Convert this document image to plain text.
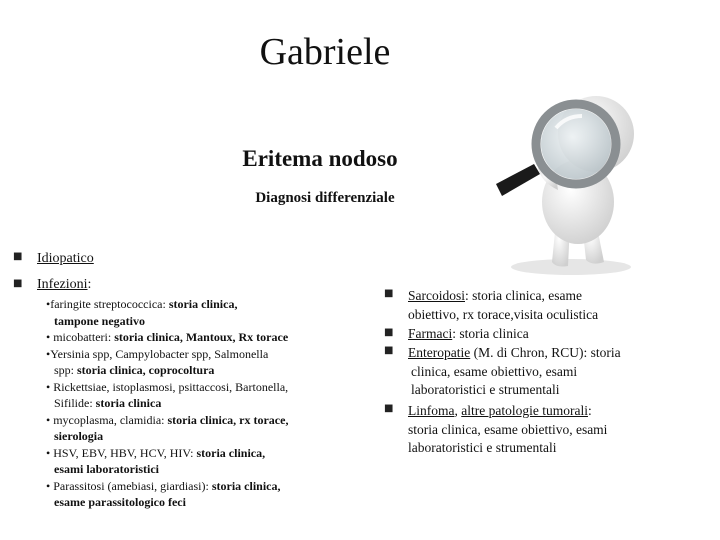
Gabriele
Eritema nodoso
Diagnosi differenziale
■ Idiopatico
■ Infezioni:
•faringite streptococcica: storia clinica,
tampone negativo
• micobatteri: storia clinica, Mantoux, Rx torace
•Yersinia spp, Campylobacter spp, Salmonella
spp: storia clinica, coprocoltura
• Rickettsiae, istoplasmosi, psittaccosi, Bartonella,
Sifilide: storia clinica
• mycoplasma, clamidia: storia clinica, rx torace,
sierologia
• HSV, EBV, HBV, HCV, HIV: storia clinica,
esami laboratoristici
• Parassitosi (amebiasi, giardiasi): storia clinica,
esame parassitologico feci
■ Sarcoidosi: storia clinica, esame
obiettivo, rx torace,visita oculistica
■ Farmaci: storia clinica
■ Enteropatie (M. di Chron, RCU): storia
clinica, esame obiettivo, esami
laboratoristici e strumentali
■ Linfoma, altre patologie tumorali:
storia clinica, esame obiettivo, esami
laboratoristici e strumentali
